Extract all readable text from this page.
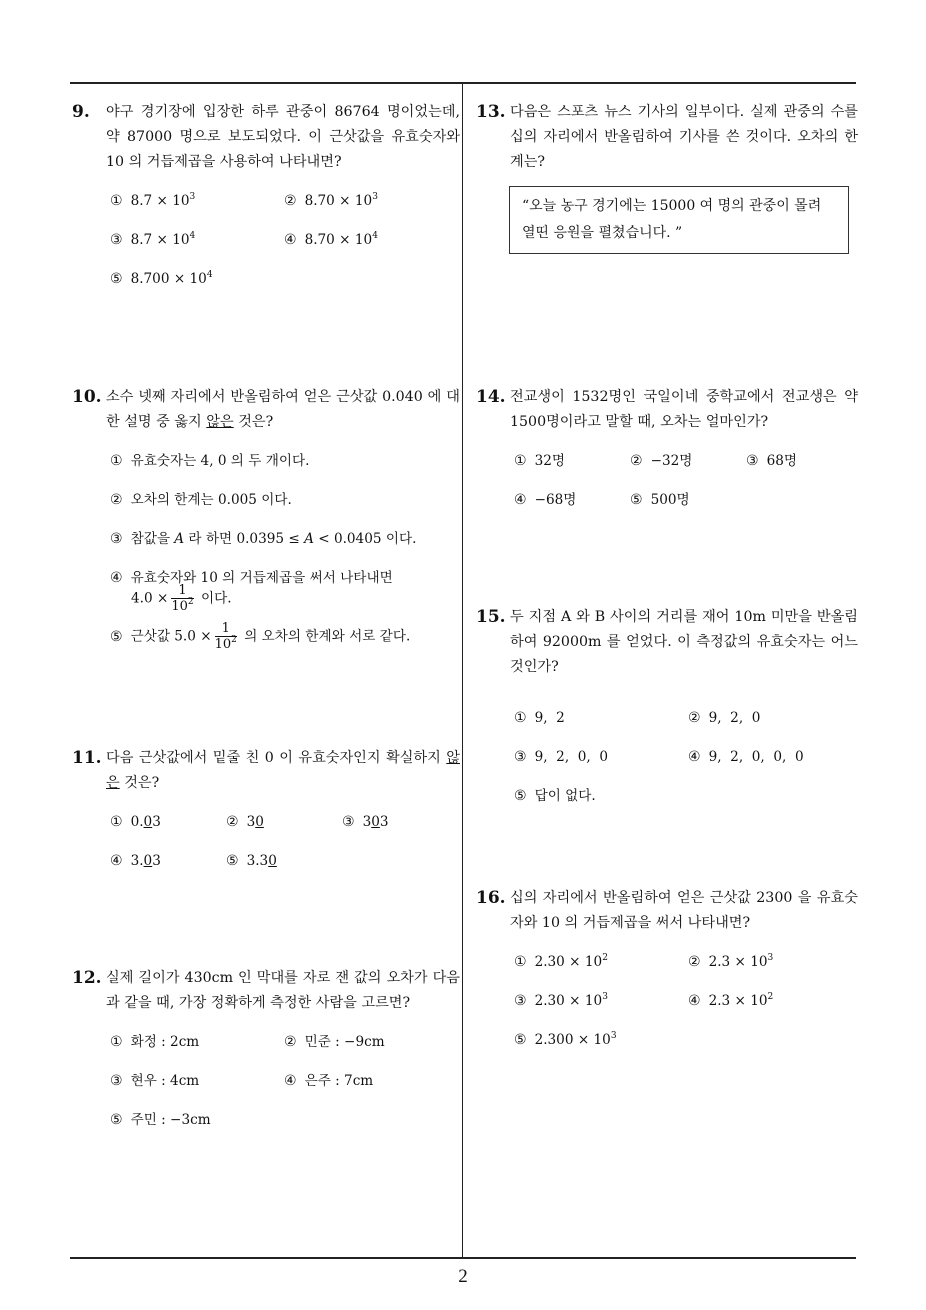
9. 야구 경기장에 입장한 하루 관중이 86764 명이었는데, 약 87000 명으로 보도되었다. 이 근삿값을 유효숫자와 10 의 거듭제곱을 사용하여 나타내면?
① $8.7 \times 10^3$	② $8.70 \times 10^3$
③ $8.7 \times 10^4$	④ $8.70 \times 10^4$
⑤ $8.700 \times 10^4$
10. 소수 넷째 자리에서 반올림하여 얻은 근삿값 0.040 에 대한 설명 중 옳지 않은 것은?
① 유효숫자는 4, 0 의 두 개이다.
② 오차의 한계는 0.005 이다.
③ 참값을 A 라 하면 0.0395 ≤ A < 0.0405 이다.
④ 유효숫자와 10 의 거듭제곱을 써서 나타내면
$4.0 \times \frac{1}{10^2}$ 이다.
⑤ 근삿값 $5.0 \times \frac{1}{10^2}$ 의 오차의 한계와 서로 같다.
11. 다음 근삿값에서 밑줄 친 0 이 유효숫자인지 확실하지 않은 것은?
① 0.03	② 30	③ 303
④ 3.03	⑤ 3.30
12. 실제 길이가 430cm 인 막대를 자로 잰 값의 오차가 다음과 같을 때, 가장 정확하게 측정한 사람을 고르면?
① 화정 : 2cm	② 민준 : −9cm
③ 현우 : 4cm	④ 은주 : 7cm
⑤ 주민 : −3cm
13. 다음은 스포츠 뉴스 기사의 일부이다. 실제 관중의 수를 십의 자리에서 반올림하여 기사를 쓴 것이다. 오차의 한계는?
“오늘 농구 경기에는 15000 여 명의 관중이 몰려 열띤 응원을 펼쳤습니다. ”
14. 전교생이 1532명인 국일이네 중학교에서 전교생은 약 1500명이라고 말할 때, 오차는 얼마인가?
① 32명	② −32명	③ 68명
④ −68명	⑤ 500명
15. 두 지점 A 와 B 사이의 거리를 재어 10m 미만을 반올림하여 92000m 를 얻었다. 이 측정값의 유효숫자는 어느 것인가?
① 9,  2	② 9,  2,  0
③ 9,  2,  0,  0	④ 9,  2,  0,  0,  0
⑤ 답이 없다.
16. 십의 자리에서 반올림하여 얻은 근삿값 2300 을 유효숫자와 10 의 거듭제곱을 써서 나타내면?
① $2.30 \times 10^2$	② $2.3 \times 10^3$
③ $2.30 \times 10^3$	④ $2.3 \times 10^2$
⑤ $2.300 \times 10^3$
2
